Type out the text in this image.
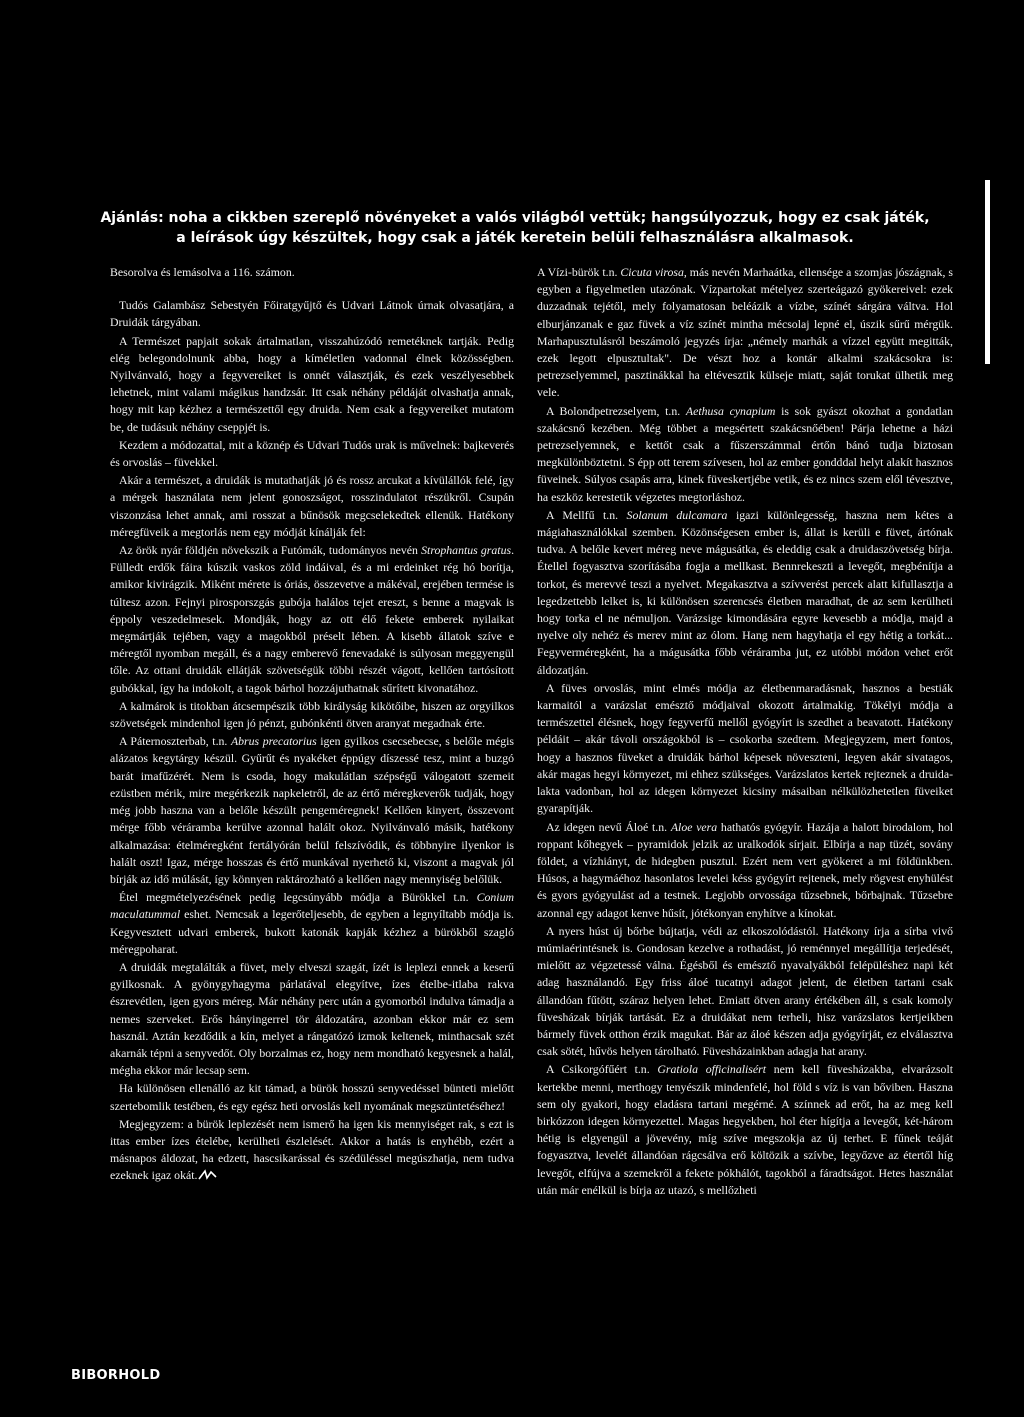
Ajánlás: noha a cikkben szereplő növényeket a valós világból vettük; hangsúlyozzuk, hogy ez csak játék,
a leírások úgy készültek, hogy csak a játék keretein belüli felhasználásra alkalmasok.

Besorolva és lemásolva a 116. számon.

Tudós Galambász Sebestyén Főiratgyűjtő és Udvari Látnok úrnak olvasatjára, a Druidák tárgyában.

A Természet papjait sokak ártalmatlan, visszahúzódó remetéknek tartják. Pedig elég belegondolnunk abba, hogy a kíméletlen vadonnal élnek közösségben. Nyilvánvaló, hogy a fegyvereiket is onnét választják, és ezek veszélyesebbek lehetnek, mint valami mágikus handzsár. Itt csak néhány példáját olvashatja annak, hogy mit kap kézhez a természettől egy druida. Nem csak a fegyvereiket mutatom be, de tudásuk néhány cseppjét is.

Kezdem a módozattal, mit a köznép és Udvari Tudós urak is művelnek: bajkeverés és orvoslás – füvekkel.

Akár a természet, a druidák is mutathatják jó és rossz arcukat a kívülállók felé, így a mérgek használata nem jelent gonoszságot, rosszindulatot részükről. Csupán viszonzása lehet annak, ami rosszat a bűnösök megcselekedtek ellenük. Hatékony méregfüveik a megtorlás nem egy módját kínálják fel:

Az örök nyár földjén növekszik a Futómák, tudományos nevén Strophantus gratus. Fülledt erdők fáira kúszik vaskos zöld indáival, és a mi erdeinket rég hó borítja, amikor kivirágzik. Miként mérete is óriás, összevetve a mákéval, erejében termése is túltesz azon. Fejnyi pirosporszgás gubója halálos tejet ereszt, s benne a magvak is éppoly veszedelmesek. Mondják, hogy az ott élő fekete emberek nyilaikat megmártják tejében, vagy a magokból préselt lében. A kisebb állatok szíve e méregtől nyomban megáll, és a nagy emberevő fenevadaké is súlyosan meggyengül tőle. Az ottani druidák ellátják szövetségük többi részét vágott, kellően tartósított gubókkal, így ha indokolt, a tagok bárhol hozzájuthatnak sűrített kivonatához.

A kalmárok is titokban átcsempészik több királyság kikötőibe, hiszen az orgyilkos szövetségek mindenhol igen jó pénzt, gubónkénti ötven aranyat megadnak érte.

A Páternoszterbab, t.n. Abrus precatorius igen gyilkos csecsebecse, s belőle mégis alázatos kegytárgy készül. Gyűrűt és nyakéket éppúgy díszessé tesz, mint a buzgó barát imafűzérét. Nem is csoda, hogy makulátlan szépségű válogatott szemeit ezüstben mérik, mire megérkezik napkeletről, de az értő méregkeverők tudják, hogy még jobb haszna van a belőle készült pengeméregnek! Kellően kinyert, összevont mérge főbb véráramba kerülve azonnal halált okoz. Nyilvánvaló másik, hatékony alkalmazása: ételméregként fertályórán belül felszívódik, és többnyire ilyenkor is halált oszt! Igaz, mérge hosszas és értő munkával nyerhető ki, viszont a magvak jól bírják az idő múlását, így könnyen raktározható a kellően nagy mennyiség belőlük.

Étel megmételyezésének pedig legcsúnyább módja a Bürökkel t.n. Conium maculatummal eshet. Nemcsak a legerőteljesebb, de egyben a legnyíltabb módja is. Kegyvesztett udvari emberek, bukott katonák kapják kézhez a bürökből szagló méregpoharat.

A druidák megtalálták a füvet, mely elveszi szagát, ízét is leplezi ennek a keserű gyilkosnak. A gyönygyhagyma párlatával elegyítve, ízes ételbe-itlaba rakva észrevétlen, igen gyors méreg. Már néhány perc után a gyomorból indulva támadja a nemes szerveket. Erős hányingerrel tör áldozatára, azonban ekkor már ez sem használ. Aztán kezdődik a kín, melyet a rángatózó izmok keltenek, minthacsak szét akarnák tépni a senyvedőt. Oly borzalmas ez, hogy nem mondható kegyesnek a halál, mégha ekkor már lecsap sem.

Ha különösen ellenálló az kit támad, a bürök hosszú senyvedéssel bünteti mielőtt szertebomlik testében, és egy egész heti orvoslás kell nyomának megszüntetéséhez!

Megjegyzem: a bürök leplezését nem ismerő ha igen kis mennyiséget rak, s ezt is ittas ember ízes ételébe, kerülheti észlelését. Akkor a hatás is enyhébb, ezért a másnapos áldozat, ha edzett, hascsikarással és szédüléssel megúszhatja, nem tudva ezeknek igaz okát.

A Vízi-bürök t.n. Cicuta virosa, más nevén Marhaátka, ellensége a szomjas jószágnak, s egyben a figyelmetlen utazónak. Vízpartokat mételyez szerteágazó gyökereivel: ezek duzzadnak tejétől, mely folyamatosan beléázik a vízbe, színét sárgára váltva. Hol elburjánzanak e gaz füvek a víz színét mintha mécsolaj lepné el, úszik sűrű mérgük. Marhapusztulásról beszámoló jegyzés írja: „némely marhák a vízzel együtt megitták, ezek legott elpusztultak". De vészt hoz a kontár alkalmi szakácsokra is: petrezselyemmel, pasztinákkal ha eltévesztik külseje miatt, saját torukat ülhetik meg vele.

A Bolondpetrezselyem, t.n. Aethusa cynapium is sok gyászt okozhat a gondatlan szakácsnő kezében. Még többet a megsértett szakácsnőében! Párja lehetne a házi petrezselyemnek, e kettőt csak a fűszerszámmal értőn bánó tudja biztosan megkülönböztetni. S épp ott terem szívesen, hol az ember gondddal helyt alakít hasznos füveinek. Súlyos csapás arra, kinek füveskertjébe vetik, és ez nincs szem elől tévesztve, ha eszköz kerestetik végzetes megtorláshoz.

A Mellfű t.n. Solanum dulcamara igazi különlegesség, haszna nem kétes a mágiahasználókkal szemben. Közönségesen ember is, állat is kerüli e füvet, ártónak tudva. A belőle kevert méreg neve mágusátka, és eleddig csak a druidaszövetség bírja. Étellel fogyasztva szorításába fogja a mellkast. Bennrekeszti a levegőt, megbénítja a torkot, és merevvé teszi a nyelvet. Megakasztva a szívverést percek alatt kifullasztja a legedzettebb lelket is, ki különösen szerencsés életben maradhat, de az sem kerülheti hogy torka el ne némuljon. Varázsige kimondására egyre kevesebb a módja, majd a nyelve oly nehéz és merev mint az ólom. Hang nem hagyhatja el egy hétig a torkát... Fegyverméregként, ha a mágusátka főbb véráramba jut, ez utóbbi módon vehet erőt áldozatján.

A füves orvoslás, mint elmés módja az életbenmaradásnak, hasznos a bestiák karmaitól a varázslat emésztő módjaival okozott ártalmakig. Tökélyi módja a természettel élésnek, hogy fegyverfű mellől gyógyírt is szedhet a beavatott. Hatékony példáit – akár távoli országokból is – csokorba szedtem. Megjegyzem, mert fontos, hogy a hasznos füveket a druidák bárhol képesek növeszteni, legyen akár sivatagos, akár magas hegyi környezet, mi ehhez szükséges. Varázslatos kertek rejteznek a druida-lakta vadonban, hol az idegen környezet kicsiny másaiban nélkülözhetetlen füveiket gyarapítják.

Az idegen nevű Áloé t.n. Aloe vera hathatós gyógyír. Hazája a halott birodalom, hol roppant kőhegyek – pyramidok jelzik az uralkodók sírjait. Elbírja a nap tüzét, sovány földet, a vízhiányt, de hidegben pusztul. Ezért nem vert gyökeret a mi földünkben. Húsos, a hagymáéhoz hasonlatos levelei késs gyógyírt rejtenek, mely rögvest enyhülést és gyors gyógyulást ad a testnek. Legjobb orvossága tűzsebnek, bőrbajnak. Tűzsebre azonnal egy adagot kenve hűsít, jótékonyan enyhítve a kínokat.

A nyers húst új bőrbe bújtatja, védi az elkoszolódástól. Hatékony írja a sírba vivő múmiaérintésnek is. Gondosan kezelve a rothadást, jó reménnyel megállítja terjedését, mielőtt az végzetessé válna. Égésből és emésztő nyavalyákból felépüléshez napi két adag használandó. Egy friss áloé tucatnyi adagot jelent, de életben tartani csak állandóan fűtött, száraz helyen lehet. Emiatt ötven arany értékében áll, s csak komoly füvesházak bírják tartását. Ez a druidákat nem terheli, hisz varázslatos kertjeikben bármely füvek otthon érzik magukat. Bár az áloé készen adja gyógyírját, ez elválasztva csak sötét, hűvös helyen tárolható. Füvesházainkban adagja hat arany.

A Csikorgófűért t.n. Gratiola officinalisért nem kell füvesházakba, elvarázsolt kertekbe menni, merthogy tenyészik mindenfelé, hol föld s víz is van bőviben. Haszna sem oly gyakori, hogy eladásra tartani megérné. A színnek ad erőt, ha az meg kell birkózzon idegen környezettel. Magas hegyekben, hol éter hígítja a levegőt, két-három hétig is elgyengül a jövevény, míg szíve megszokja az új terhet. E fűnek teáját fogyasztva, levelét állandóan rágcsálva erő költözik a szívbe, legyőzve az étertől híg levegőt, elfújva a szemekről a fekete pókhálót, tagokból a fáradtságot. Hetes használat után már enélkül is bírja az utazó, s mellőzheti

BIBORHOLD
